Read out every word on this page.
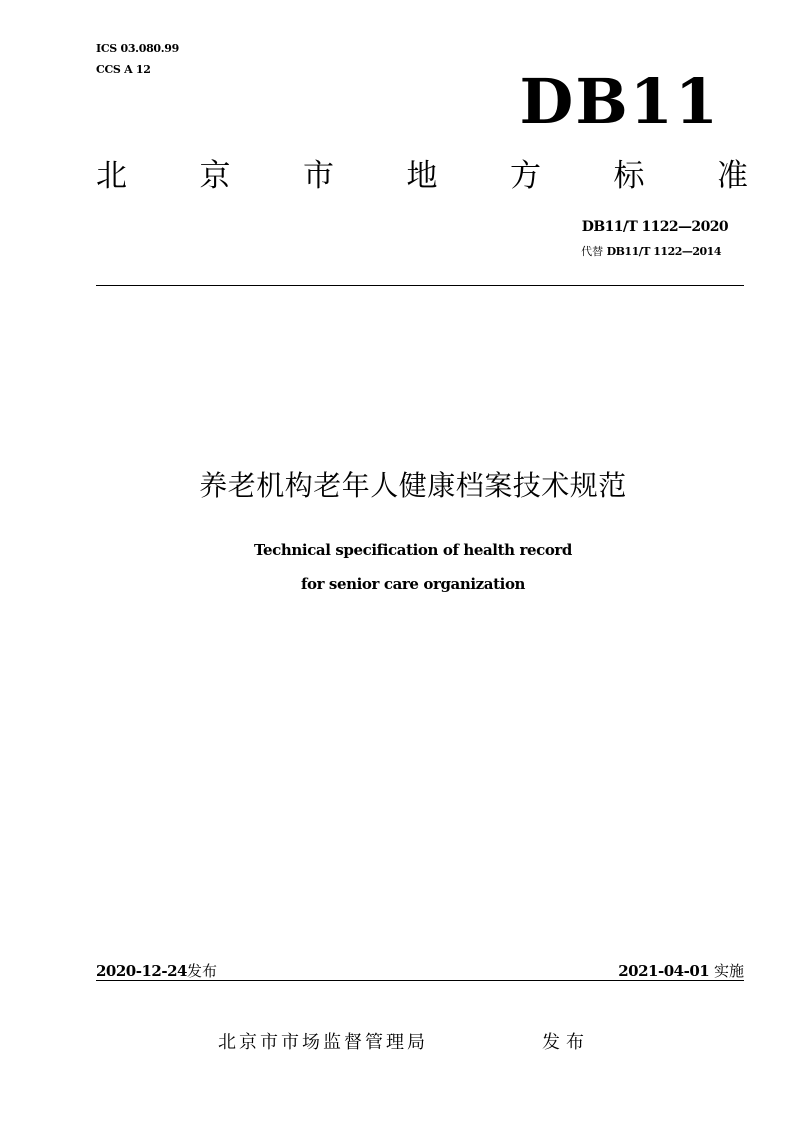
ICS 03.080.99
CCS A 12	DB11
北 京 市 地 方 标 准
DB11/T 1122—2020
代替 DB11/T 1122—2014
养老机构老年人健康档案技术规范
Technical specification of health record
for senior care organization
2020-12-24发布	2021-04-01 实施
北京市市场监督管理局	发布
